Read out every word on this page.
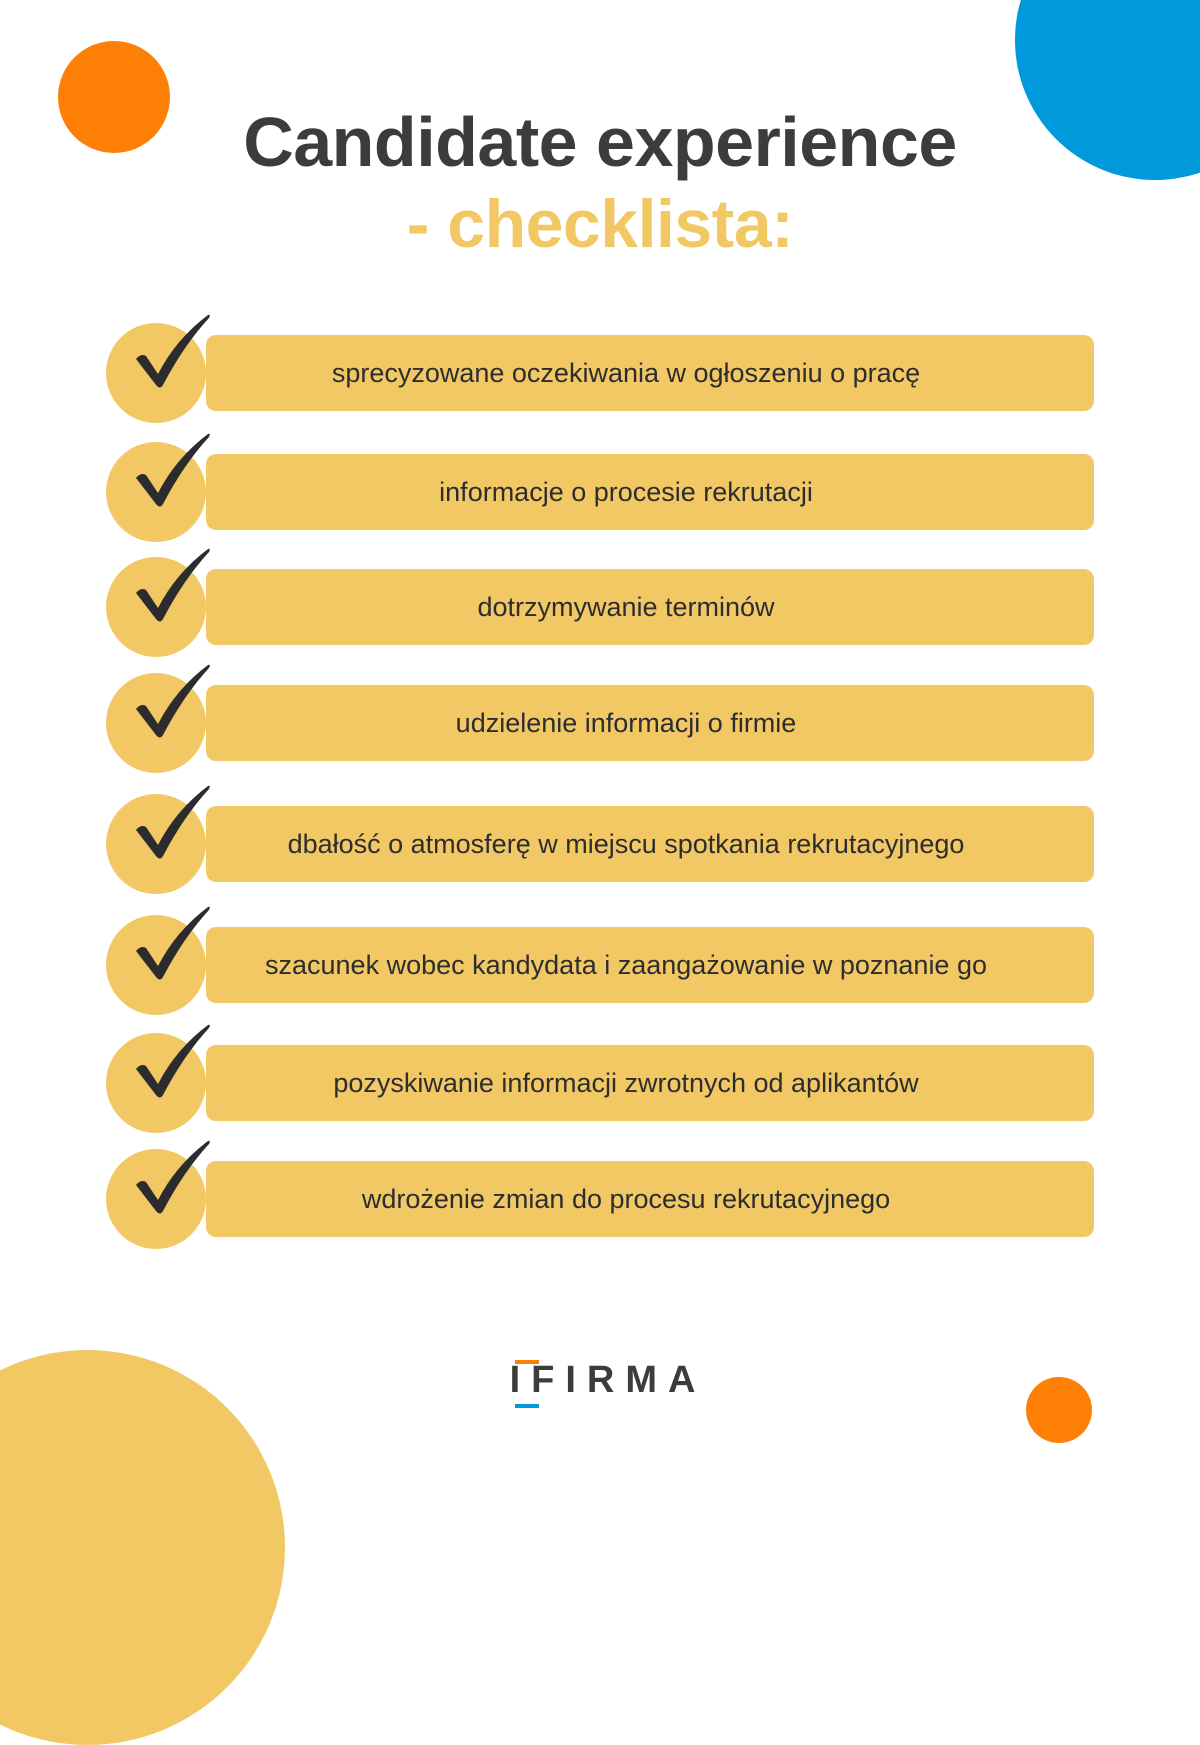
Candidate experience
- checklista:
sprecyzowane oczekiwania w ogłoszeniu o pracę
informacje o procesie rekrutacji
dotrzymywanie terminów
udzielenie informacji o firmie
dbałość o atmosferę w miejscu spotkania rekrutacyjnego
szacunek wobec kandydata i zaangażowanie w poznanie go
pozyskiwanie informacji zwrotnych od aplikantów
wdrożenie zmian do procesu rekrutacyjnego
IFIRMA
